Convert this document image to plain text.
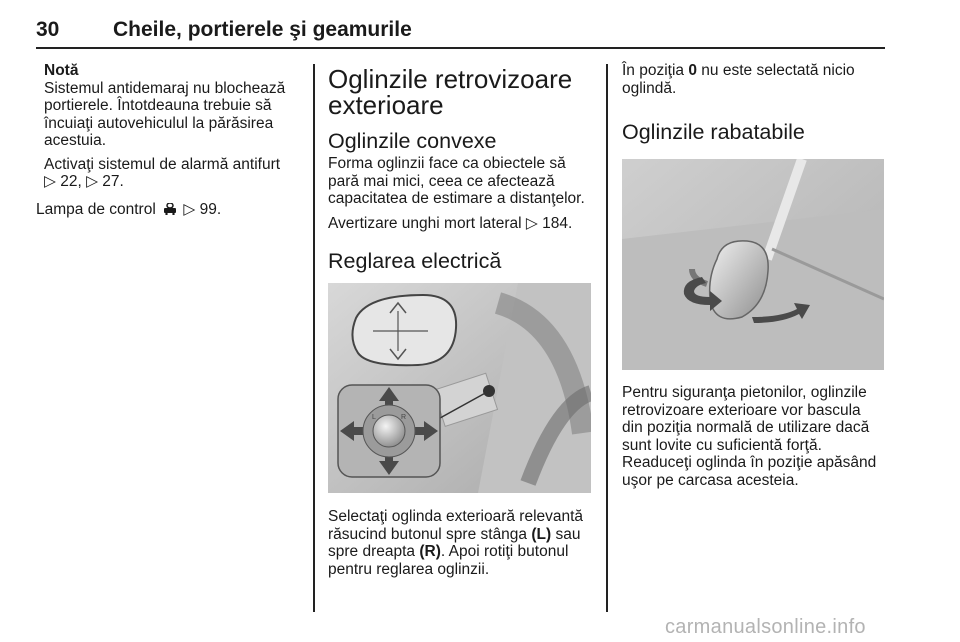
30	Cheile, portierele şi geamurile
Notă
Sistemul antidemaraj nu blochează
portierele. Întotdeauna trebuie să
încuiaţi autovehiculul la părăsirea
acestuia.
Activaţi sistemul de alarmă antifurt
▷ 22, ▷ 27.
Lampa de control ▷ 99.
Oglinzile retrovizoare
exterioare
Oglinzile convexe
Forma oglinzii face ca obiectele să
pară mai mici, ceea ce afectează
capacitatea de estimare a distanţelor.
Avertizare unghi mort lateral ▷ 184.
Reglarea electrică
L	R
Selectaţi oglinda exterioară relevantă
răsucind butonul spre stânga (L) sau
spre dreapta (R). Apoi rotiţi butonul
pentru reglarea oglinzii.
În poziţia 0 nu este selectată nicio
oglindă.
Oglinzile rabatabile
Pentru siguranţa pietonilor, oglinzile
retrovizoare exterioare vor bascula
din poziţia normală de utilizare dacă
sunt lovite cu suficientă forţă.
Readuceţi oglinda în poziţie apăsând
uşor pe carcasa acesteia.
carmanualsonline.info
